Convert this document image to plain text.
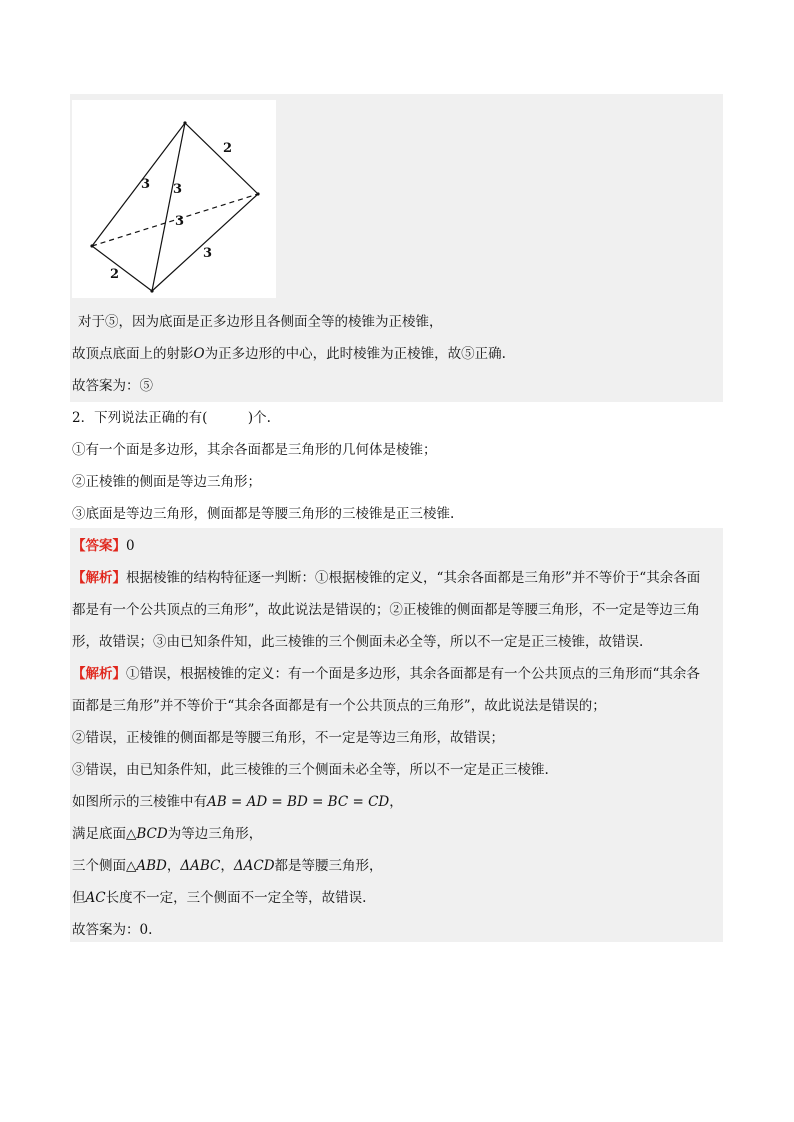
2
3 3
3
2
3
对于⑤，因为底面是正多边形且各侧面全等的棱锥为正棱锥，
故顶点底面上的射影O为正多边形的中心，此时棱锥为正棱锥，故⑤正确.
故答案为：⑤
2．下列说法正确的有(　　　)个.
①有一个面是多边形，其余各面都是三角形的几何体是棱锥；
②正棱锥的侧面是等边三角形；
③底面是等边三角形，侧面都是等腰三角形的三棱锥是正三棱锥.
【答案】0
【解析】根据棱锥的结构特征逐一判断：①根据棱锥的定义，“其余各面都是三角形”并不等价于“其余各面
都是有一个公共顶点的三角形”，故此说法是错误的；②正棱锥的侧面都是等腰三角形，不一定是等边三角
形，故错误；③由已知条件知，此三棱锥的三个侧面未必全等，所以不一定是正三棱锥，故错误.
【解析】①错误，根据棱锥的定义：有一个面是多边形，其余各面都是有一个公共顶点的三角形而“其余各
面都是三角形”并不等价于“其余各面都是有一个公共顶点的三角形”，故此说法是错误的；
②错误，正棱锥的侧面都是等腰三角形，不一定是等边三角形，故错误；
③错误，由已知条件知，此三棱锥的三个侧面未必全等，所以不一定是正三棱锥.
如图所示的三棱锥中有AB = AD = BD = BC = CD，
满足底面△BCD为等边三角形，
三个侧面△ABD，ΔABC，ΔACD都是等腰三角形，
但AC长度不一定，三个侧面不一定全等，故错误.
故答案为：0.
